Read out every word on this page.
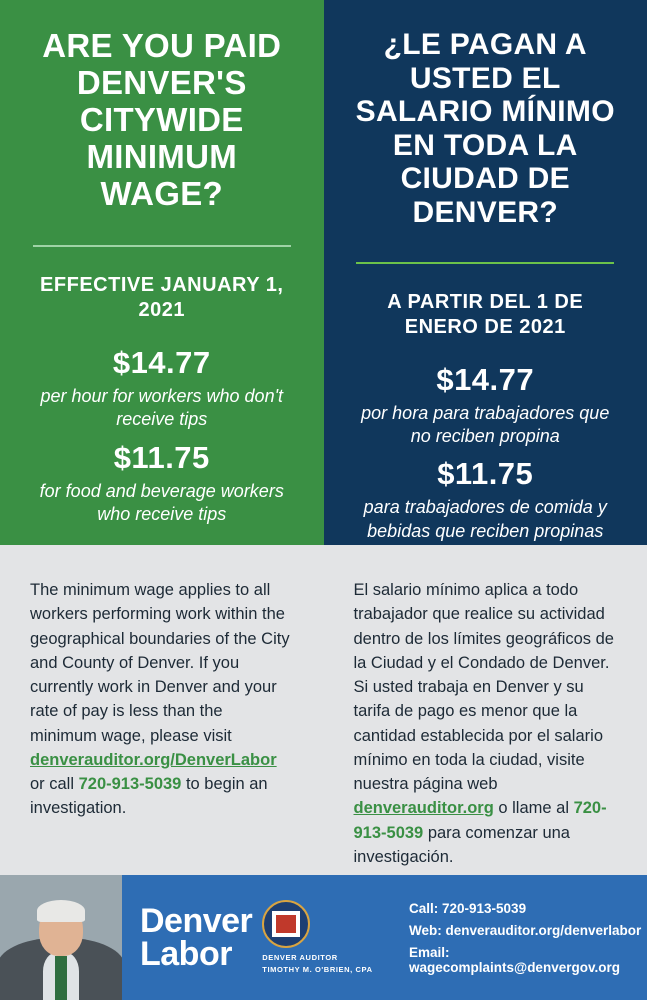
ARE YOU PAID DENVER'S CITYWIDE MINIMUM WAGE?
EFFECTIVE JANUARY 1, 2021
$14.77
per hour for workers who don't receive tips
$11.75
for food and beverage workers who receive tips
¿LE PAGAN A USTED EL SALARIO MÍNIMO EN TODA LA CIUDAD DE DENVER?
A PARTIR DEL 1 DE ENERO DE 2021
$14.77
por hora para trabajadores que no reciben propina
$11.75
para trabajadores de comida y bebidas que reciben propinas

The minimum wage applies to all workers performing work within the geographical boundaries of the City and County of Denver. If you currently work in Denver and your rate of pay is less than the minimum wage, please visit denverauditor.org/DenverLabor or call 720-913-5039 to begin an investigation.

El salario mínimo aplica a todo trabajador que realice su actividad dentro de los límites geográficos de la Ciudad y el Condado de Denver. Si usted trabaja en Denver y su tarifa de pago es menor que la cantidad establecida por el salario mínimo en toda la ciudad, visite nuestra página web denverauditor.org o llame al 720-913-5039 para comenzar una investigación.

Denver
Labor	DENVER AUDITOR
TIMOTHY M. O'BRIEN, CPA
Call: 720-913-5039
Web: denverauditor.org/denverlabor
Email: wagecomplaints@denvergov.org
